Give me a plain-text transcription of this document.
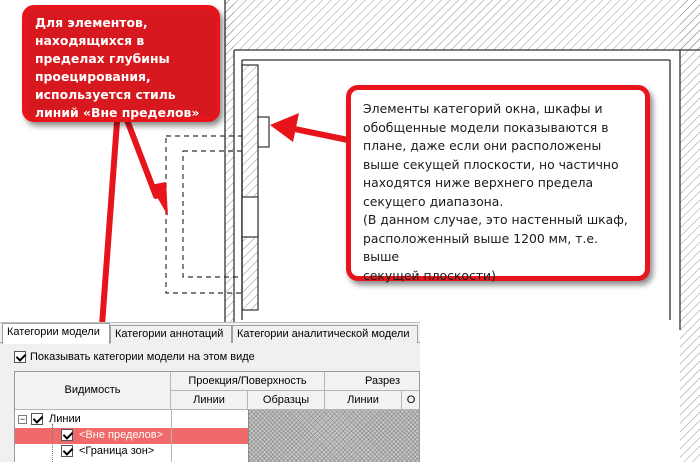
Для элементов,

находящихся в

пределах глубины

проецирования,

используется стиль

линий «Вне пределов»	Элементы категорий окна, шкафы и

обобщенные модели показываются в

плане, даже если они расположены

выше секущей плоскости, но частично

находятся ниже верхнего предела

секущего диапазона.

(В данном случае, это настенный шкаф,

расположенный выше 1200 мм, т.е. выше

секущей плоскости)

Категории модели	Категории аннотаций	Категории аналитической модели
Показывать категории модели на этом виде
Видимость
Проекция/Поверхность	Разрез
Линии	Образцы	Линии	О
− Линии
<Вне пределов>
<Граница зон>
